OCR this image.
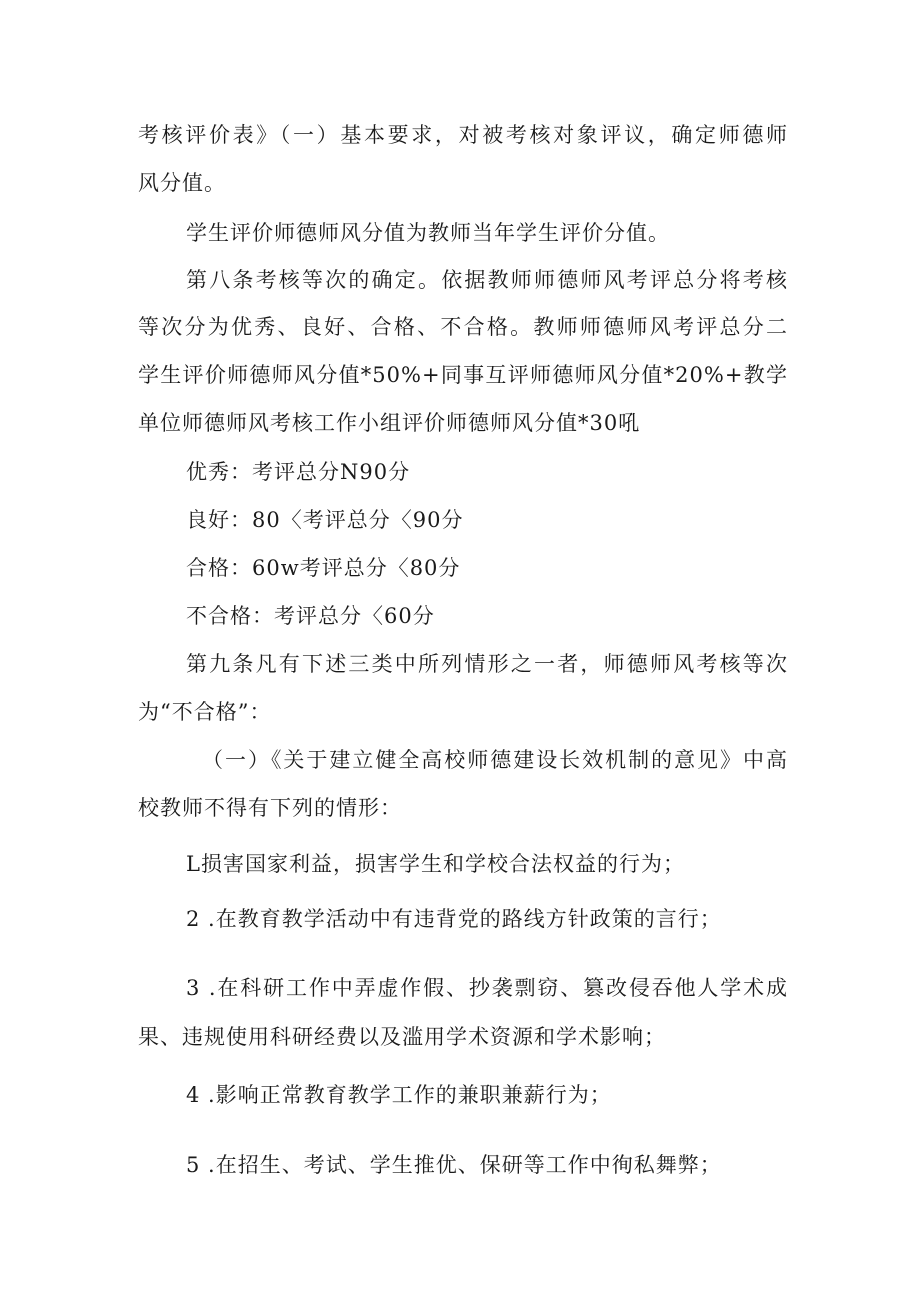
考核评价表》（一）基本要求，对被考核对象评议，确定师德师
风分值。
学生评价师德师风分值为教师当年学生评价分值。
第八条考核等次的确定。依据教师师德师风考评总分将考核
等次分为优秀、良好、合格、不合格。教师师德师风考评总分二
学生评价师德师风分值*50%+同事互评师德师风分值*20%+教学
单位师德师风考核工作小组评价师德师风分值*30吼
优秀：考评总分N90分
良好：80〈考评总分〈90分
合格：60w考评总分〈80分
不合格：考评总分〈60分
第九条凡有下述三类中所列情形之一者，师德师风考核等次
为“不合格”：
（一）《关于建立健全高校师德建设长效机制的意见》中高
校教师不得有下列的情形：
L损害国家利益，损害学生和学校合法权益的行为；
2 .在教育教学活动中有违背党的路线方针政策的言行；
3 .在科研工作中弄虚作假、抄袭剽窃、篡改侵吞他人学术成
果、违规使用科研经费以及滥用学术资源和学术影响；
4 .影响正常教育教学工作的兼职兼薪行为；
5 .在招生、考试、学生推优、保研等工作中徇私舞弊；
